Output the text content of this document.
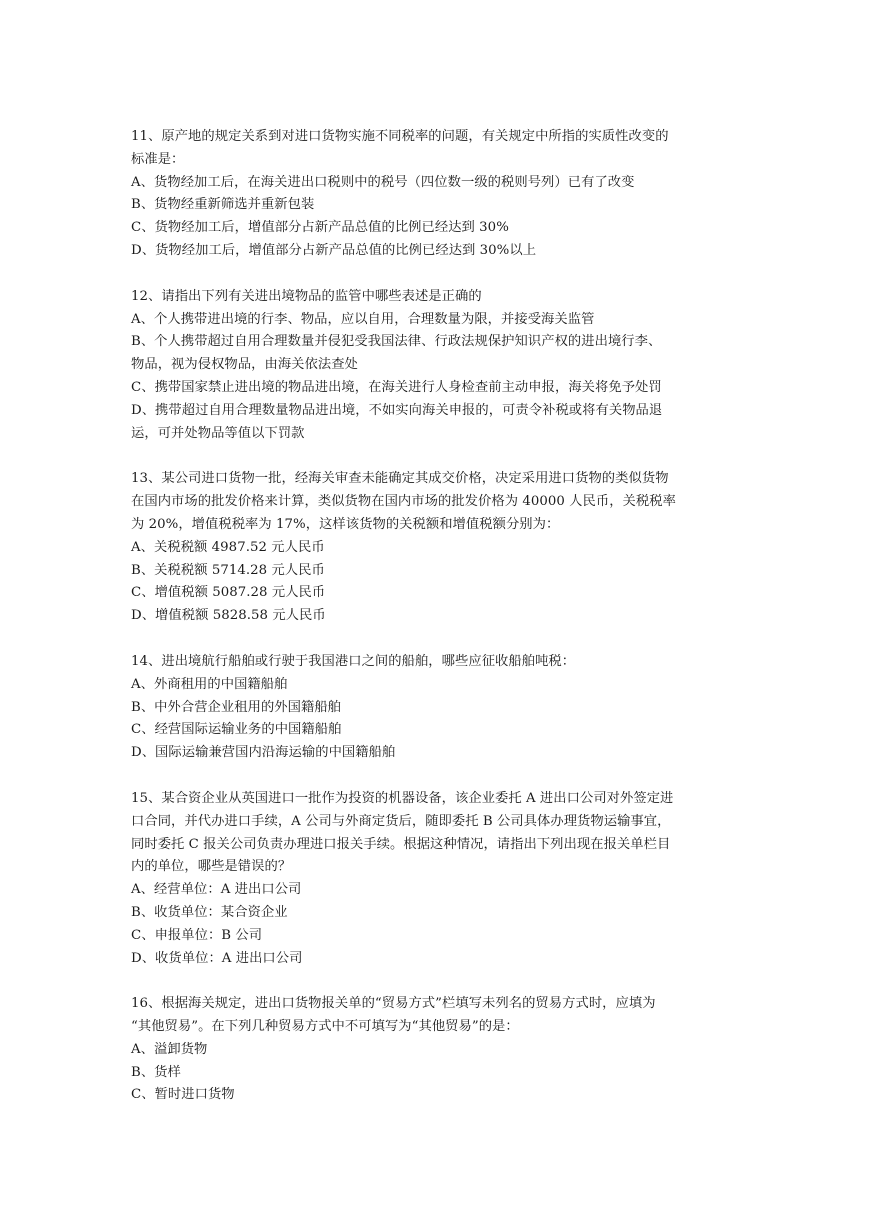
11、原产地的规定关系到对进口货物实施不同税率的问题，有关规定中所指的实质性改变的
标准是：
A、货物经加工后，在海关进出口税则中的税号（四位数一级的税则号列）已有了改变
B、货物经重新筛选并重新包装
C、货物经加工后，增值部分占新产品总值的比例已经达到 30%
D、货物经加工后，增值部分占新产品总值的比例已经达到 30%以上
12、请指出下列有关进出境物品的监管中哪些表述是正确的
A、个人携带进出境的行李、物品，应以自用，合理数量为限，并接受海关监管
B、个人携带超过自用合理数量并侵犯受我国法律、行政法规保护知识产权的进出境行李、
物品，视为侵权物品，由海关依法查处
C、携带国家禁止进出境的物品进出境，在海关进行人身检查前主动申报，海关将免予处罚
D、携带超过自用合理数量物品进出境，不如实向海关申报的，可责令补税或将有关物品退
运，可并处物品等值以下罚款
13、某公司进口货物一批，经海关审查未能确定其成交价格，决定采用进口货物的类似货物
在国内市场的批发价格来计算，类似货物在国内市场的批发价格为 40000 人民币，关税税率
为 20%，增值税税率为 17%，这样该货物的关税额和增值税额分别为：
A、关税税额 4987.52 元人民币
B、关税税额 5714.28 元人民币
C、增值税额 5087.28 元人民币
D、增值税额 5828.58 元人民币
14、进出境航行船舶或行驶于我国港口之间的船舶，哪些应征收船舶吨税：
A、外商租用的中国籍船舶
B、中外合营企业租用的外国籍船舶
C、经营国际运输业务的中国籍船舶
D、国际运输兼营国内沿海运输的中国籍船舶
15、某合资企业从英国进口一批作为投资的机器设备，该企业委托 A 进出口公司对外签定进
口合同，并代办进口手续，A 公司与外商定货后，随即委托 B 公司具体办理货物运输事宜，
同时委托 C 报关公司负责办理进口报关手续。根据这种情况，请指出下列出现在报关单栏目
内的单位，哪些是错误的？
A、经营单位：A 进出口公司
B、收货单位：某合资企业
C、申报单位：B 公司
D、收货单位：A 进出口公司
16、根据海关规定，进出口货物报关单的“贸易方式”栏填写未列名的贸易方式时，应填为
“其他贸易”。在下列几种贸易方式中不可填写为“其他贸易”的是：
A、溢卸货物
B、货样
C、暂时进口货物
